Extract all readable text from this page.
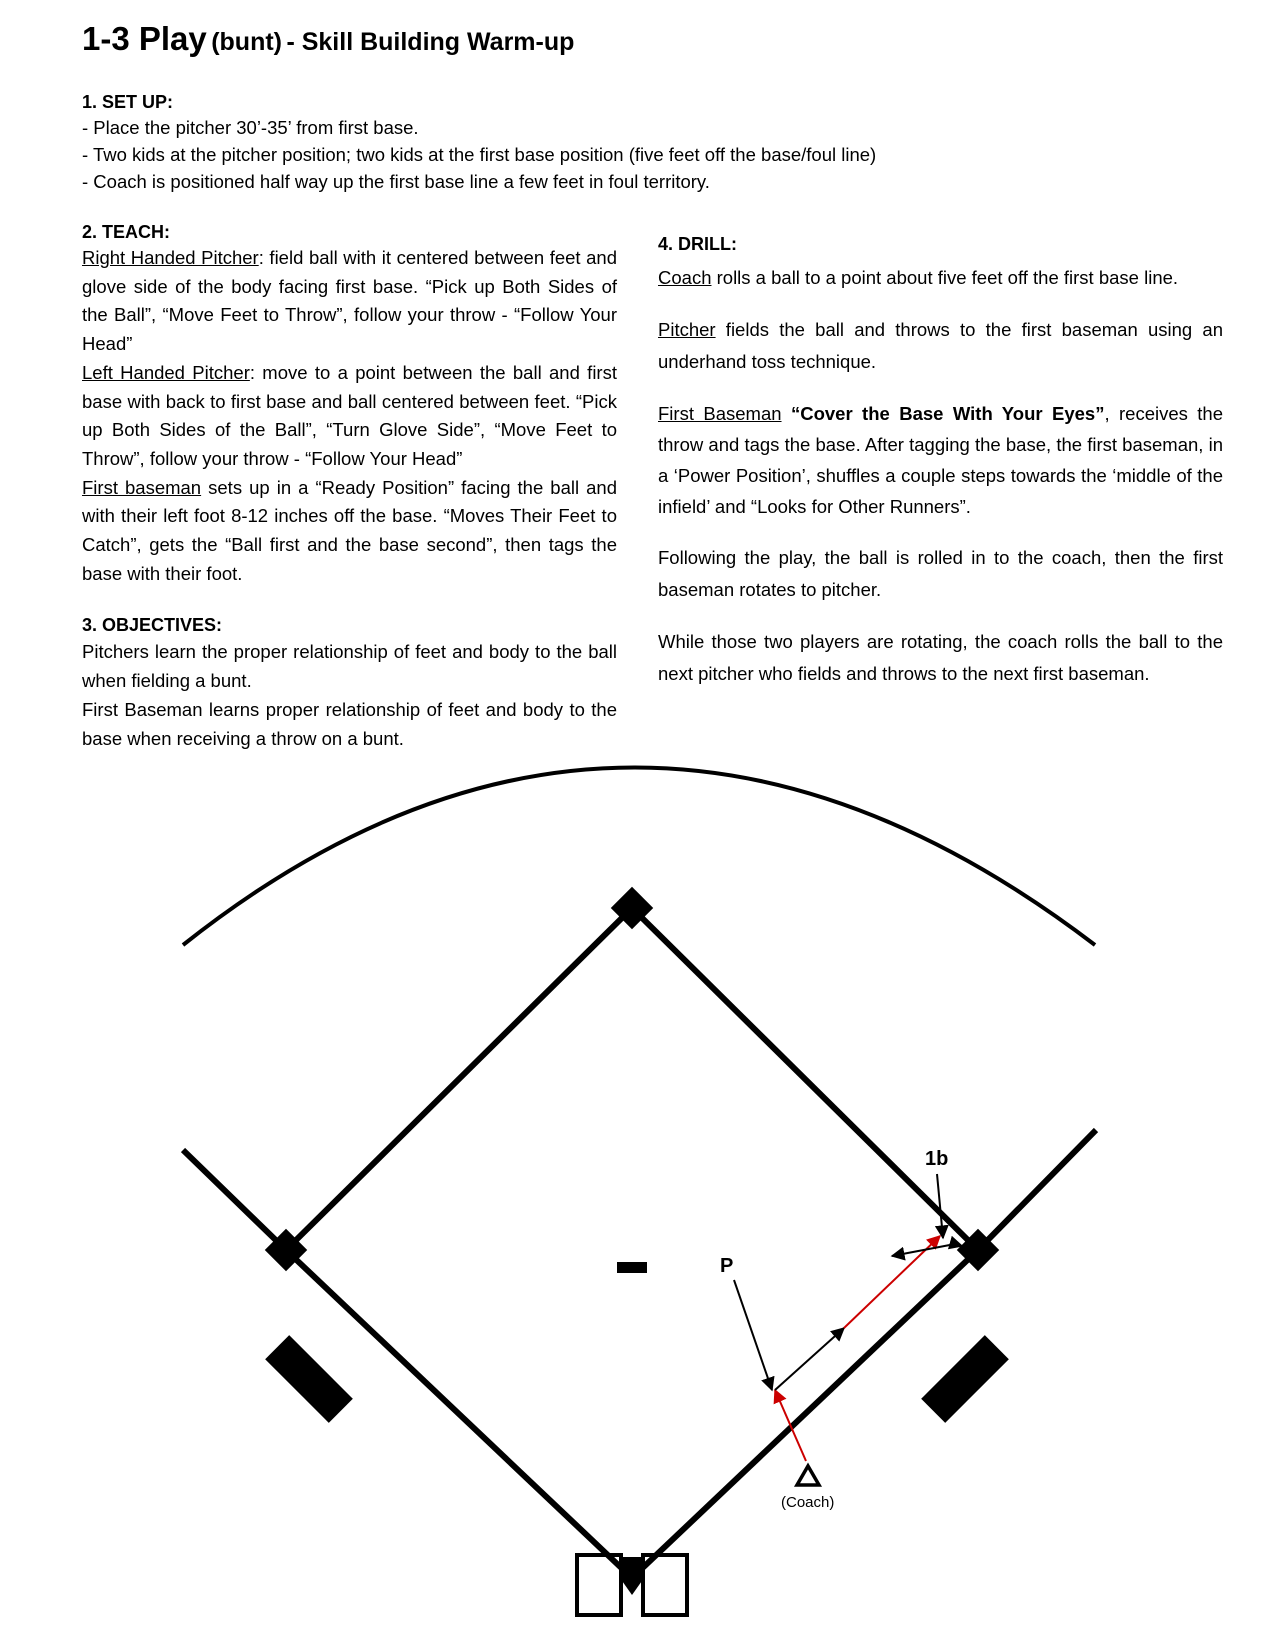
1-3 Play (bunt) - Skill Building Warm-up
1. SET UP:
- Place the pitcher 30’-35’ from first base.
- Two kids at the pitcher position; two kids at the first base position (five feet off the base/foul line)
- Coach is positioned half way up the first base line a few feet in foul territory.
2. TEACH:

Right Handed Pitcher: field ball with it centered between feet and glove side of the body facing first base. “Pick up Both Sides of the Ball”, “Move Feet to Throw”, follow your throw - “Follow Your Head”

Left Handed Pitcher: move to a point between the ball and first base with back to first base and ball centered between feet. “Pick up Both Sides of the Ball”, “Turn Glove Side”, “Move Feet to Throw”, follow your throw - “Follow Your Head”

First baseman sets up in a “Ready Position” facing the ball and with their left foot 8-12 inches off the base. “Moves Their Feet to Catch”, gets the “Ball first and the base second”, then tags the base with their foot.

3. OBJECTIVES:

Pitchers learn the proper relationship of feet and body to the ball when fielding a bunt.

First Baseman learns proper relationship of feet and body to the base when receiving a throw on a bunt.

4. DRILL:

Coach rolls a ball to a point about five feet off the first base line.

Pitcher fields the ball and throws to the first baseman using an underhand toss technique.

First Baseman “Cover the Base With Your Eyes”, receives the throw and tags the base. After tagging the base, the first baseman, in a ‘Power Position’, shuffles a couple steps towards the ‘middle of the infield’ and “Looks for Other Runners”.

Following the play, the ball is rolled in to the coach, then the first baseman rotates to pitcher.

While those two players are rotating, the coach rolls the ball to the next pitcher who fields and throws to the next first baseman.

1b
P
(Coach)
